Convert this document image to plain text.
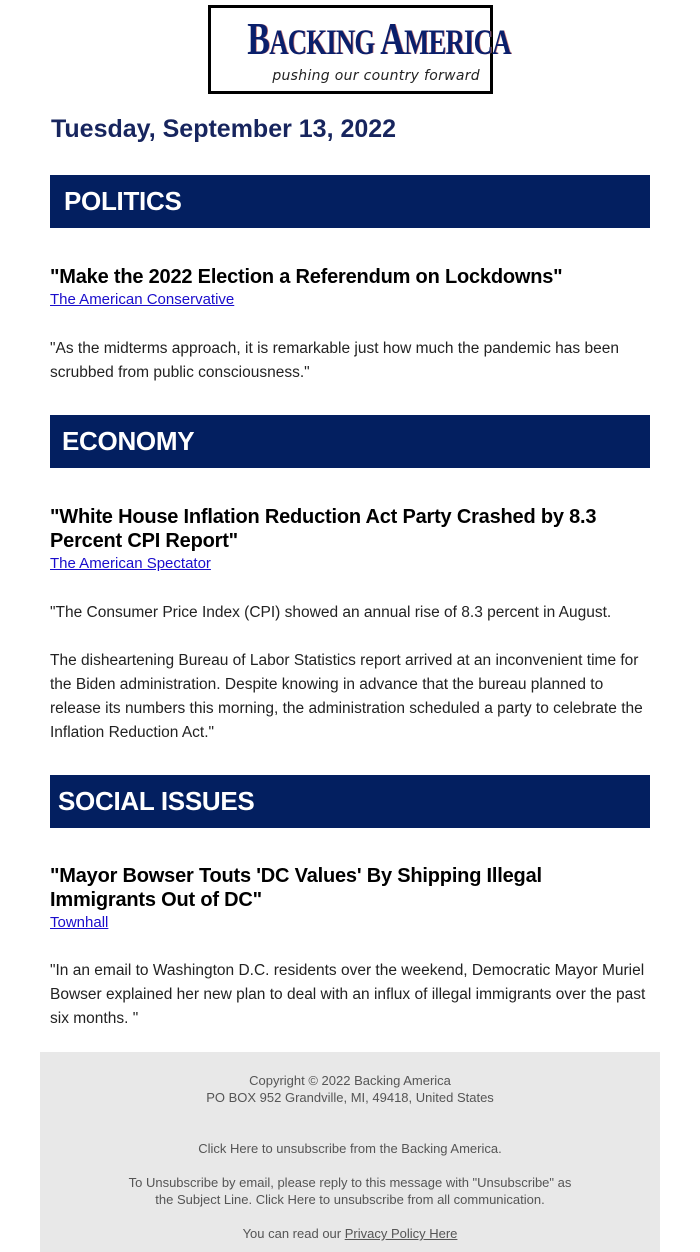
BACKING AMERICA
pushing our country forward
Tuesday, September 13, 2022
POLITICS
"Make the 2022 Election a Referendum on Lockdowns"
The American Conservative

"As the midterms approach, it is remarkable just how much the pandemic has been scrubbed from public consciousness."

ECONOMY
"White House Inflation Reduction Act Party Crashed by 8.3 Percent CPI Report"
The American Spectator

"The Consumer Price Index (CPI) showed an annual rise of 8.3 percent in August.

The disheartening Bureau of Labor Statistics report arrived at an inconvenient time for the Biden administration. Despite knowing in advance that the bureau planned to release its numbers this morning, the administration scheduled a party to celebrate the Inflation Reduction Act."

SOCIAL ISSUES
"Mayor Bowser Touts 'DC Values' By Shipping Illegal Immigrants Out of DC"
Townhall

"In an email to Washington D.C. residents over the weekend, Democratic Mayor Muriel Bowser explained her new plan to deal with an influx of illegal immigrants over the past six months. "

Copyright © 2022 Backing America
PO BOX 952 Grandville, MI, 49418, United States
Click Here to unsubscribe from the Backing America.
To Unsubscribe by email, please reply to this message with "Unsubscribe" as
the Subject Line. Click Here to unsubscribe from all communication.
You can read our Privacy Policy Here
